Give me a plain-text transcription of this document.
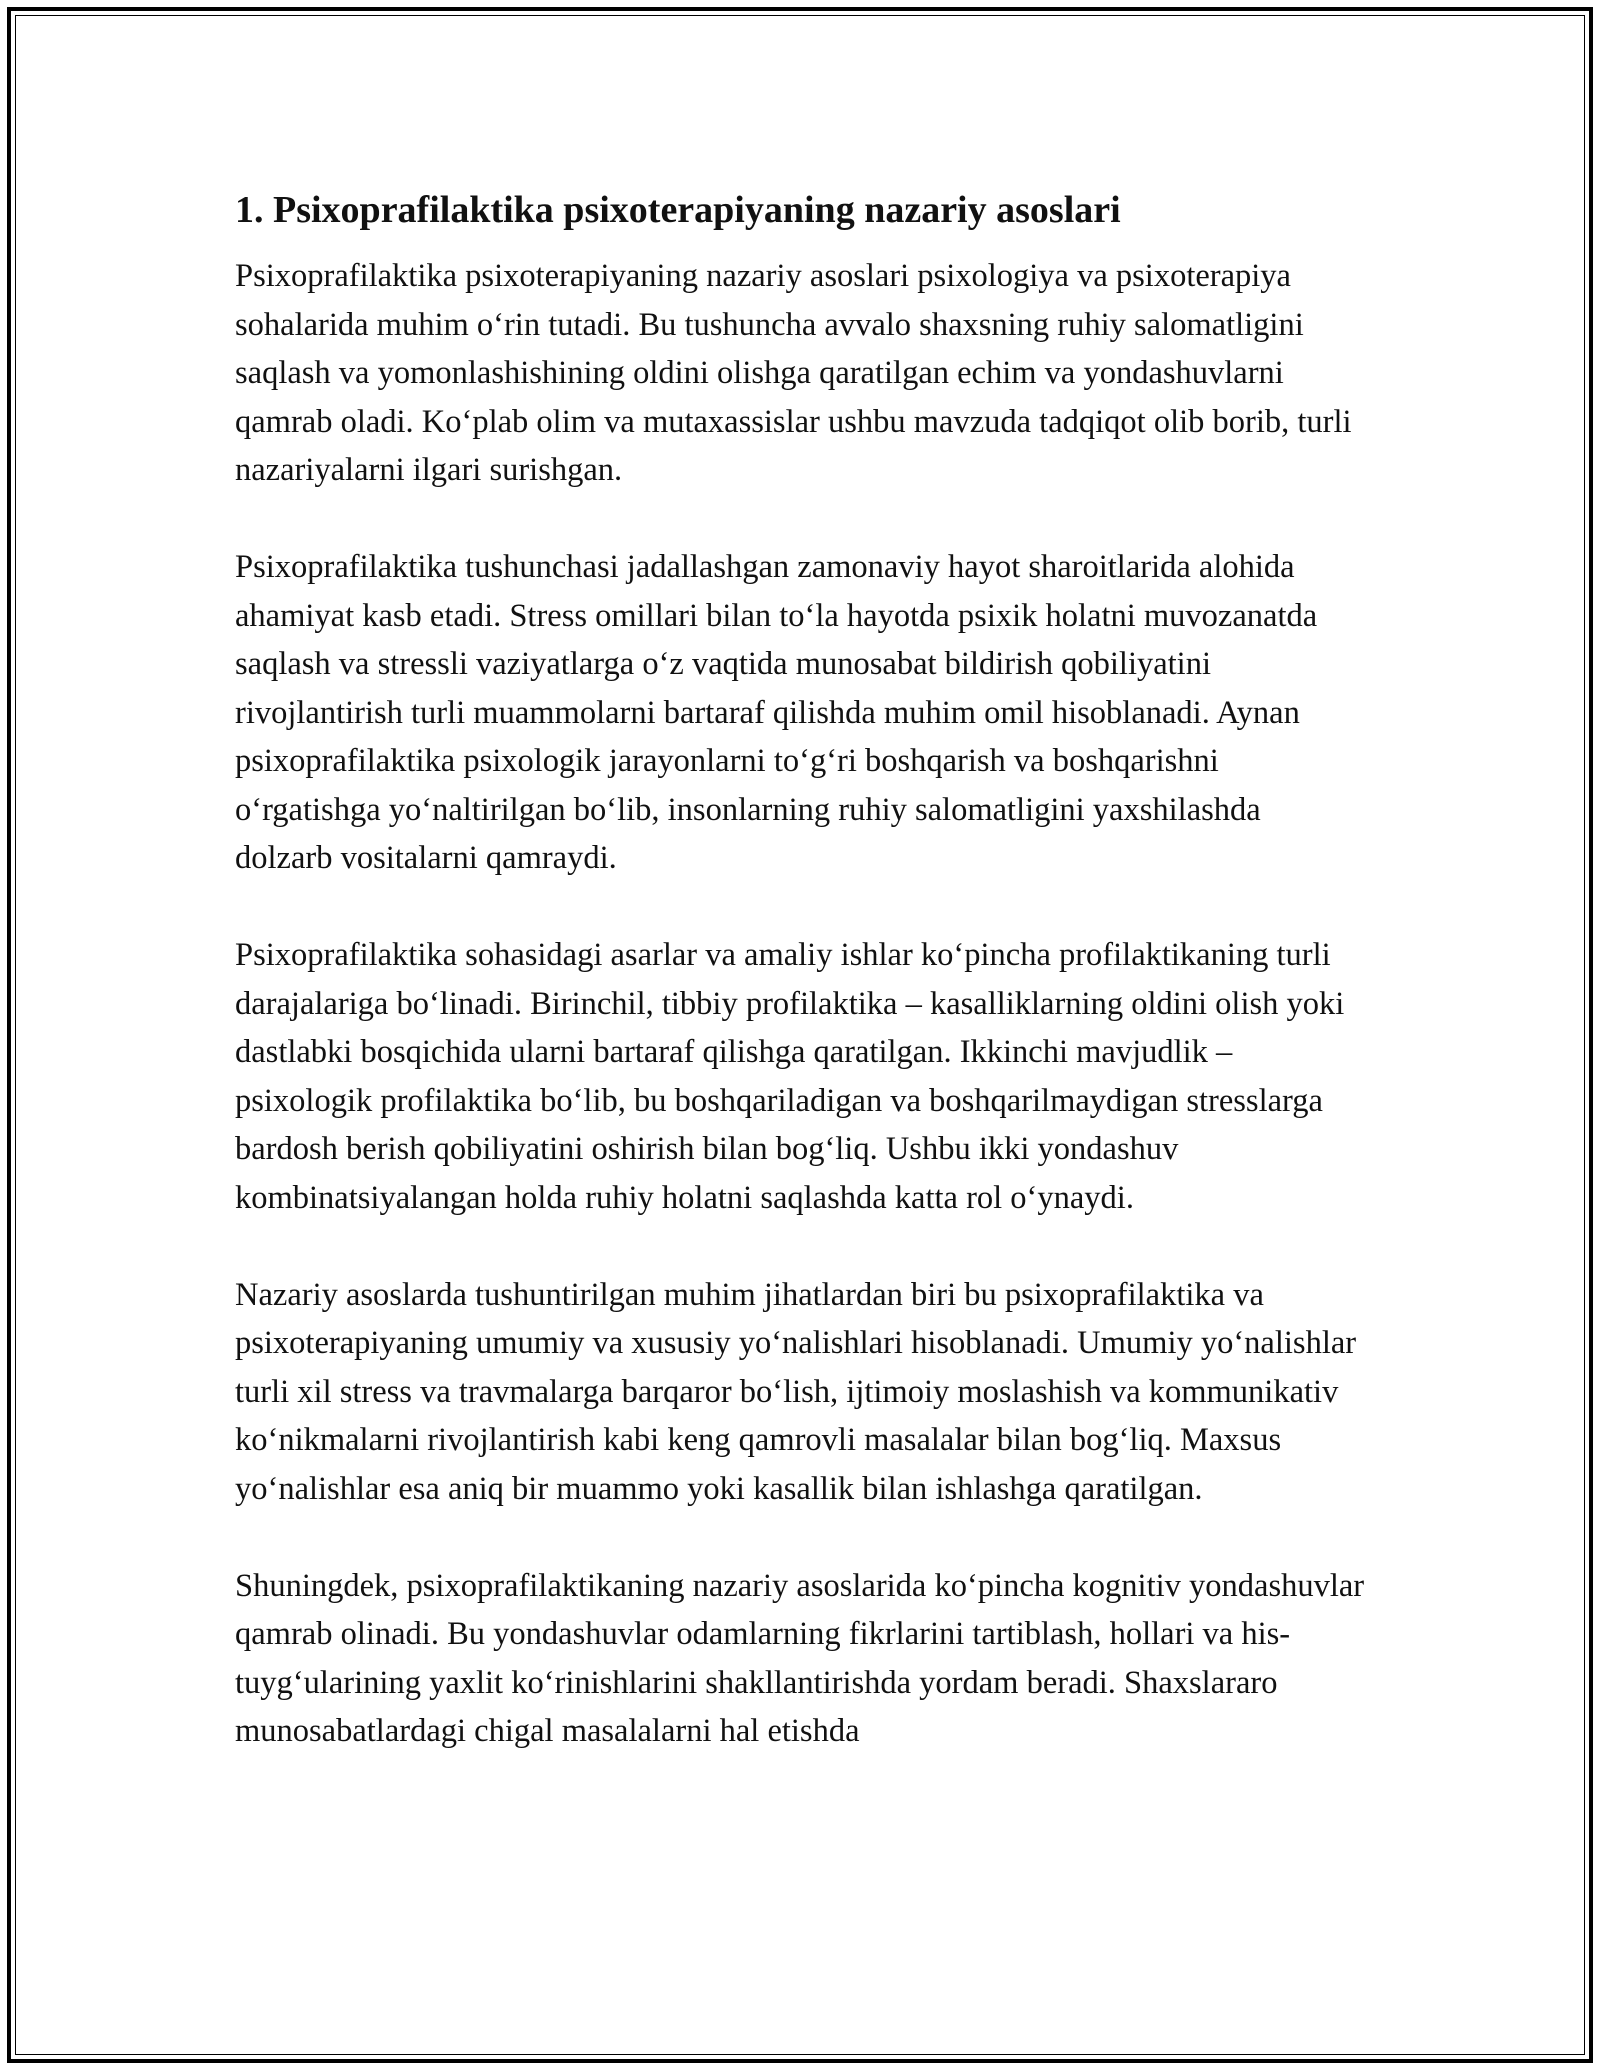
1. Psixoprafilaktika psixoterapiyaning nazariy asoslari

Psixoprafilaktika psixoterapiyaning nazariy asoslari psixologiya va psixoterapiya sohalarida muhim o‘rin tutadi. Bu tushuncha avvalo shaxsning ruhiy salomatligini saqlash va yomonlashishining oldini olishga qaratilgan echim va yondashuvlarni qamrab oladi. Ko‘plab olim va mutaxassislar ushbu mavzuda tadqiqot olib borib, turli nazariyalarni ilgari surishgan.

Psixoprafilaktika tushunchasi jadallashgan zamonaviy hayot sharoitlarida alohida ahamiyat kasb etadi. Stress omillari bilan to‘la hayotda psixik holatni muvozanatda saqlash va stressli vaziyatlarga o‘z vaqtida munosabat bildirish qobiliyatini rivojlantirish turli muammolarni bartaraf qilishda muhim omil hisoblanadi. Aynan psixoprafilaktika psixologik jarayonlarni to‘g‘ri boshqarish va boshqarishni o‘rgatishga yo‘naltirilgan bo‘lib, insonlarning ruhiy salomatligini yaxshilashda dolzarb vositalarni qamraydi.

Psixoprafilaktika sohasidagi asarlar va amaliy ishlar ko‘pincha profilaktikaning turli darajalariga bo‘linadi. Birinchil, tibbiy profilaktika – kasalliklarning oldini olish yoki dastlabki bosqichida ularni bartaraf qilishga qaratilgan. Ikkinchi mavjudlik – psixologik profilaktika bo‘lib, bu boshqariladigan va boshqarilmaydigan stresslarga bardosh berish qobiliyatini oshirish bilan bog‘liq. Ushbu ikki yondashuv kombinatsiyalangan holda ruhiy holatni saqlashda katta rol o‘ynaydi.

Nazariy asoslarda tushuntirilgan muhim jihatlardan biri bu psixoprafilaktika va psixoterapiyaning umumiy va xususiy yo‘nalishlari hisoblanadi. Umumiy yo‘nalishlar turli xil stress va travmalarga barqaror bo‘lish, ijtimoiy moslashish va kommunikativ ko‘nikmalarni rivojlantirish kabi keng qamrovli masalalar bilan bog‘liq. Maxsus yo‘nalishlar esa aniq bir muammo yoki kasallik bilan ishlashga qaratilgan.

Shuningdek, psixoprafilaktikaning nazariy asoslarida ko‘pincha kognitiv yondashuvlar qamrab olinadi. Bu yondashuvlar odamlarning fikrlarini tartiblash, hollari va his-tuyg‘ularining yaxlit ko‘rinishlarini shakllantirishda yordam beradi. Shaxslararo munosabatlardagi chigal masalalarni hal etishda
